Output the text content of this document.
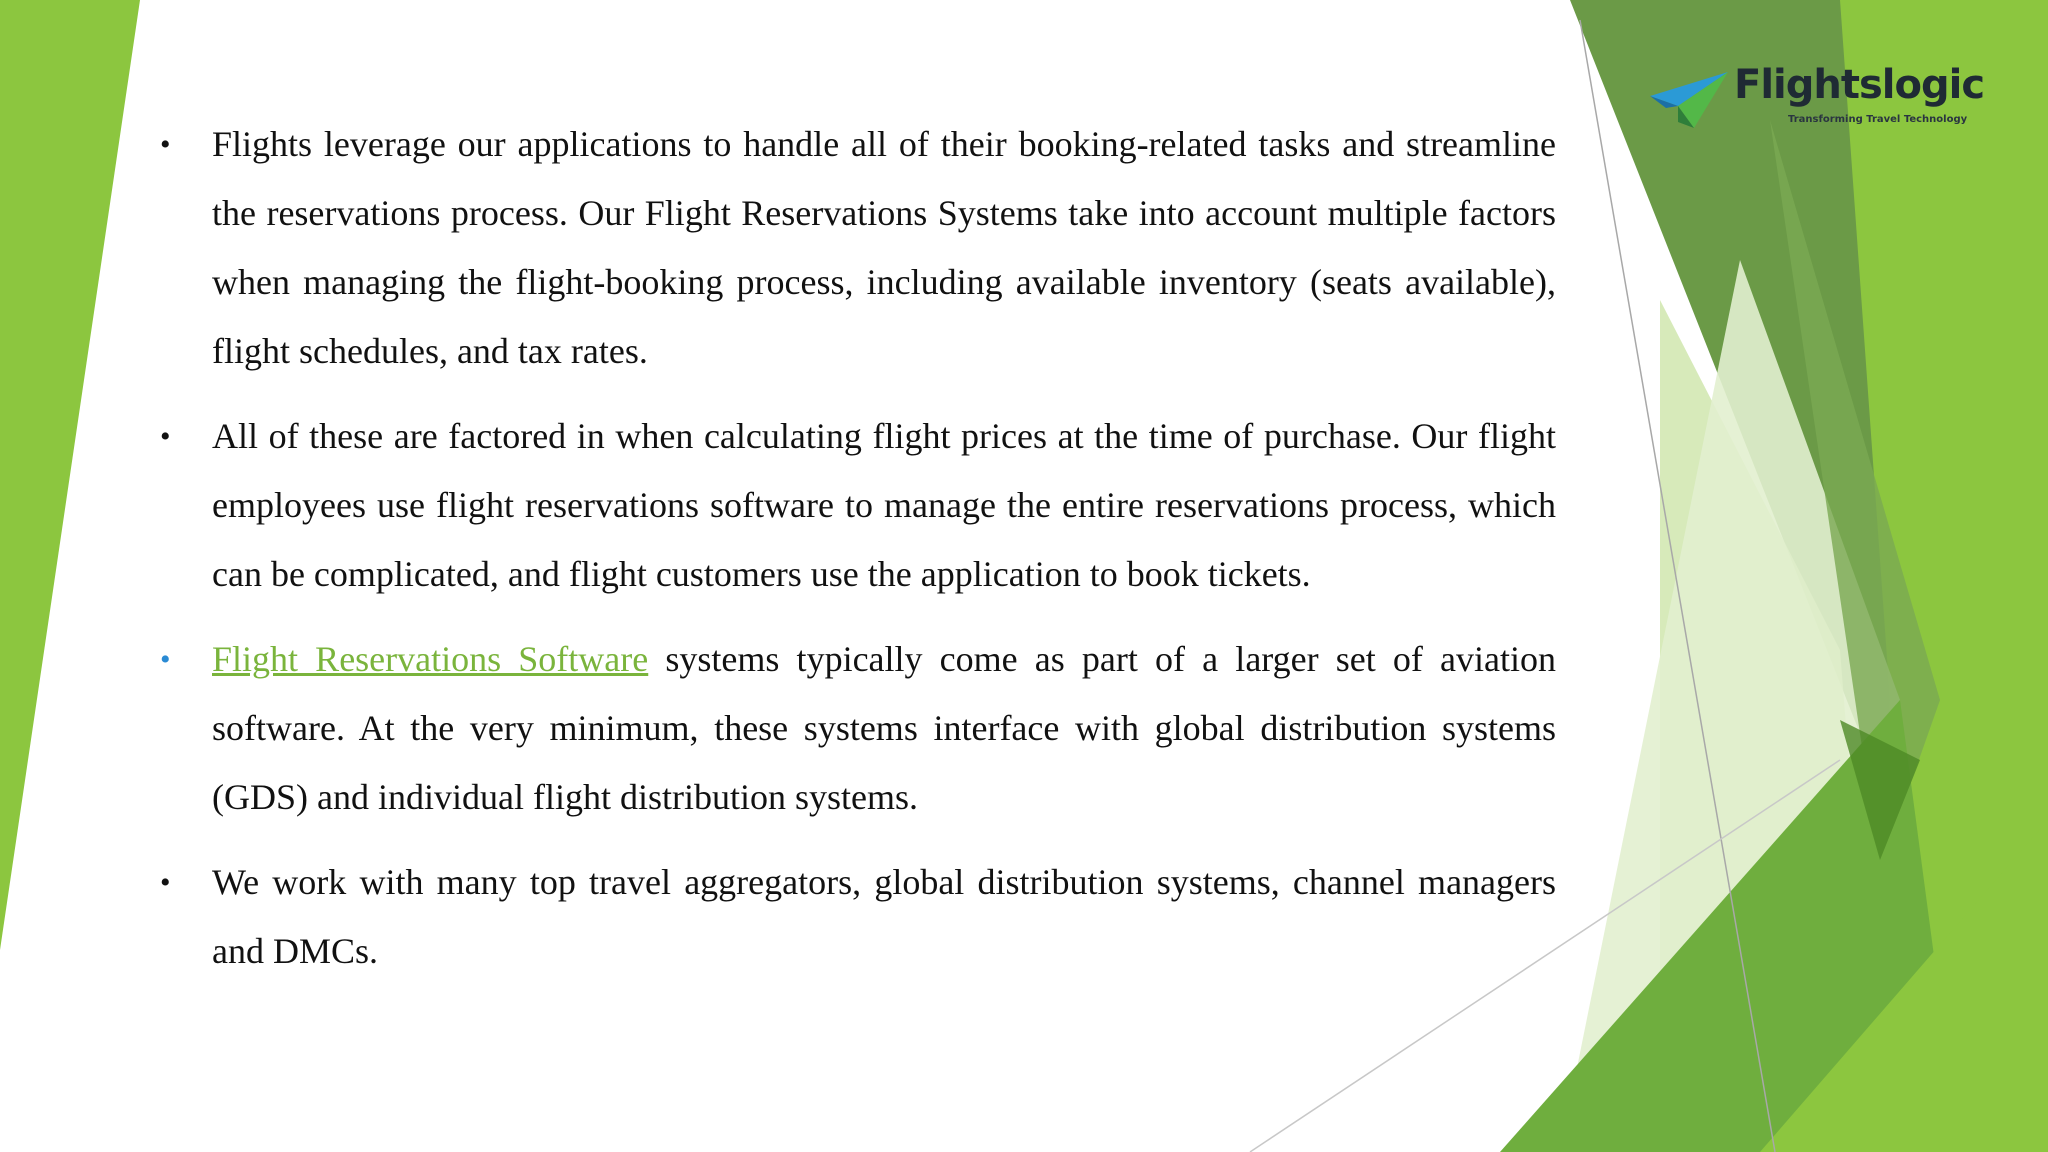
Flightslogic
Transforming Travel Technology
• Flights leverage our applications to handle all of their booking-related tasks and streamline the reservations process. Our Flight Reservations Systems take into account multiple factors when managing the flight-booking process, including available inventory (seats available), flight schedules, and tax rates.
• All of these are factored in when calculating flight prices at the time of purchase. Our flight employees use flight reservations software to manage the entire reservations process, which can be complicated, and flight customers use the application to book tickets.
• Flight Reservations Software systems typically come as part of a larger set of aviation software. At the very minimum, these systems interface with global distribution systems (GDS) and individual flight distribution systems.
• We work with many top travel aggregators, global distribution systems, channel managers and DMCs.
